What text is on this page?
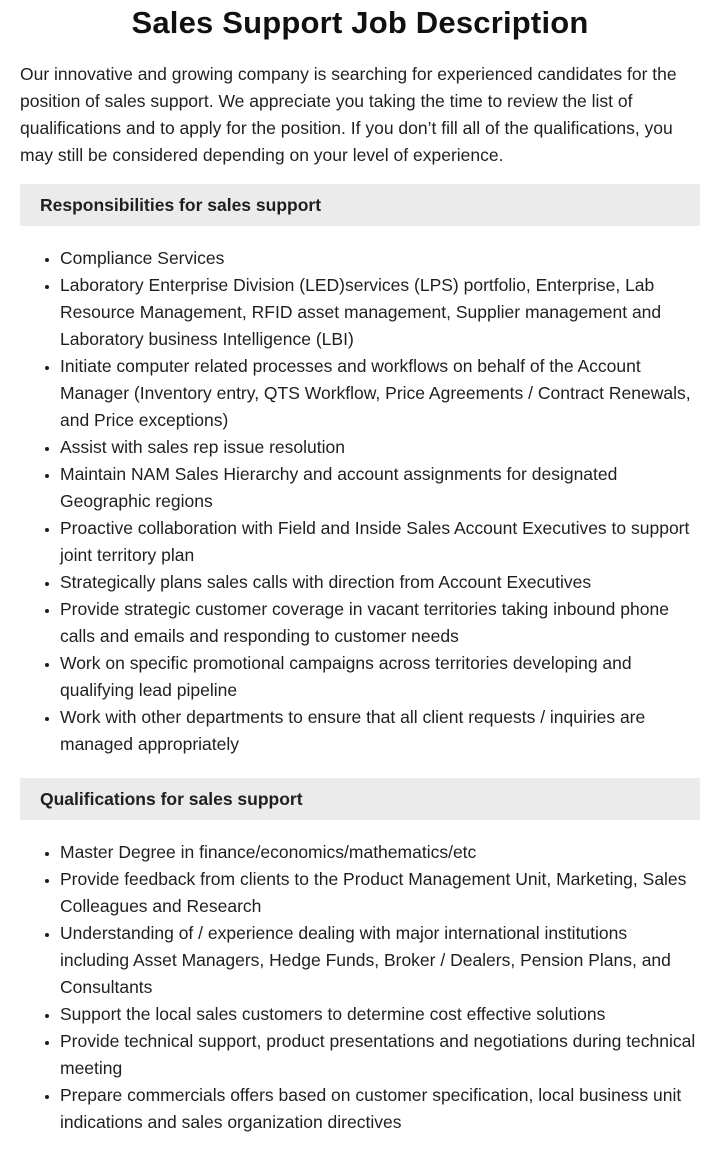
Sales Support Job Description

Our innovative and growing company is searching for experienced candidates for the position of sales support. We appreciate you taking the time to review the list of qualifications and to apply for the position. If you don’t fill all of the qualifications, you may still be considered depending on your level of experience.

Responsibilities for sales support
• Compliance Services
• Laboratory Enterprise Division (LED)services (LPS) portfolio, Enterprise, Lab Resource Management, RFID asset management, Supplier management and Laboratory business Intelligence (LBI)
• Initiate computer related processes and workflows on behalf of the Account Manager (Inventory entry, QTS Workflow, Price Agreements / Contract Renewals, and Price exceptions)
• Assist with sales rep issue resolution
• Maintain NAM Sales Hierarchy and account assignments for designated Geographic regions
• Proactive collaboration with Field and Inside Sales Account Executives to support joint territory plan
• Strategically plans sales calls with direction from Account Executives
• Provide strategic customer coverage in vacant territories taking inbound phone calls and emails and responding to customer needs
• Work on specific promotional campaigns across territories developing and qualifying lead pipeline
• Work with other departments to ensure that all client requests / inquiries are managed appropriately
Qualifications for sales support
• Master Degree in finance/economics/mathematics/etc
• Provide feedback from clients to the Product Management Unit, Marketing, Sales Colleagues and Research
• Understanding of / experience dealing with major international institutions including Asset Managers, Hedge Funds, Broker / Dealers, Pension Plans, and Consultants
• Support the local sales customers to determine cost effective solutions
• Provide technical support, product presentations and negotiations during technical meeting
• Prepare commercials offers based on customer specification, local business unit indications and sales organization directives
